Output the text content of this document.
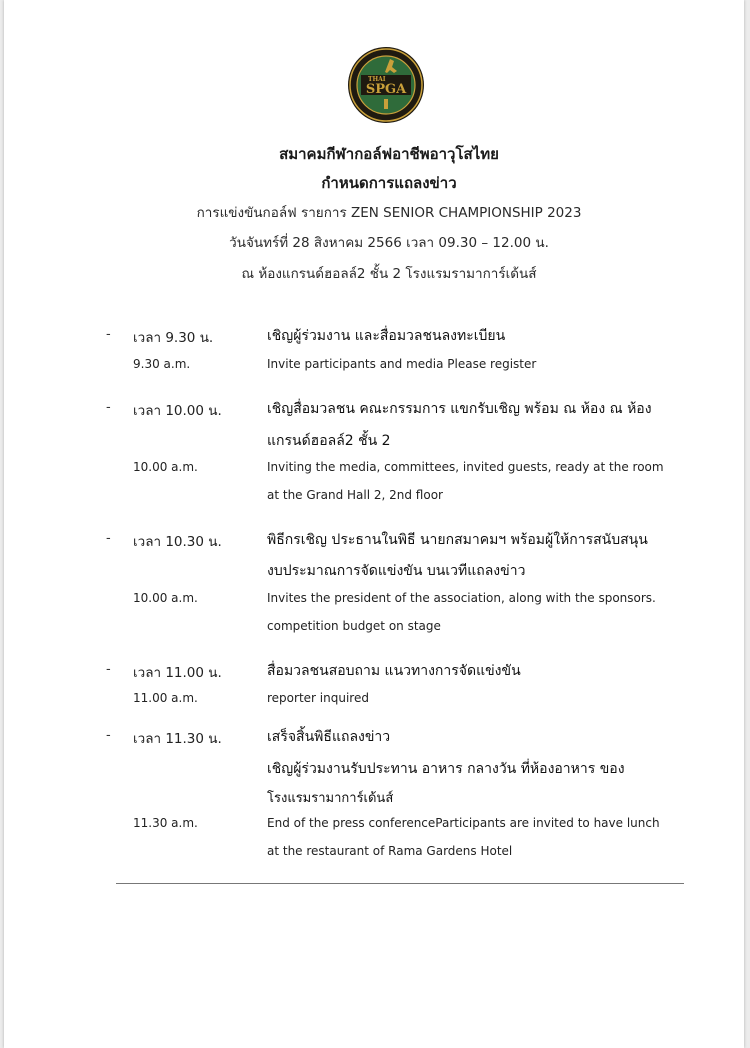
THAI
SPGA
สมาคมกีฬากอล์ฟอาชีพอาวุโสไทย
กำหนดการแถลงข่าว
การแข่งขันกอล์ฟ รายการ ZEN SENIOR CHAMPIONSHIP 2023
วันจันทร์ที่ 28 สิงหาคม 2566 เวลา 09.30 – 12.00 น.
ณ ห้องแกรนด์ฮอลล์2 ชั้น 2 โรงแรมรามาการ์เด้นส์
- เวลา 9.30 น.	เชิญผู้ร่วมงาน และสื่อมวลชนลงทะเบียน
9.30 a.m.	Invite participants and media Please register
- เวลา 10.00 น.	เชิญสื่อมวลชน คณะกรรมการ แขกรับเชิญ พร้อม ณ ห้อง ณ ห้อง
แกรนด์ฮอลล์2 ชั้น 2
10.00 a.m.	Inviting the media, committees, invited guests, ready at the room
at the Grand Hall 2, 2nd floor
- เวลา 10.30 น.	พิธีกรเชิญ ประธานในพิธี นายกสมาคมฯ พร้อมผู้ให้การสนับสนุน
งบประมาณการจัดแข่งขัน บนเวทีแถลงข่าว
10.00 a.m.	Invites the president of the association, along with the sponsors.
competition budget on stage
- เวลา 11.00 น.	สื่อมวลชนสอบถาม แนวทางการจัดแข่งขัน
11.00 a.m.	reporter inquired
- เวลา 11.30 น.	เสร็จสิ้นพิธีแถลงข่าว
เชิญผู้ร่วมงานรับประทาน อาหาร กลางวัน ที่ห้องอาหาร ของ
โรงแรมรามาการ์เด้นส์
11.30 a.m.	End of the press conferenceParticipants are invited to have lunch
at the restaurant of Rama Gardens Hotel
